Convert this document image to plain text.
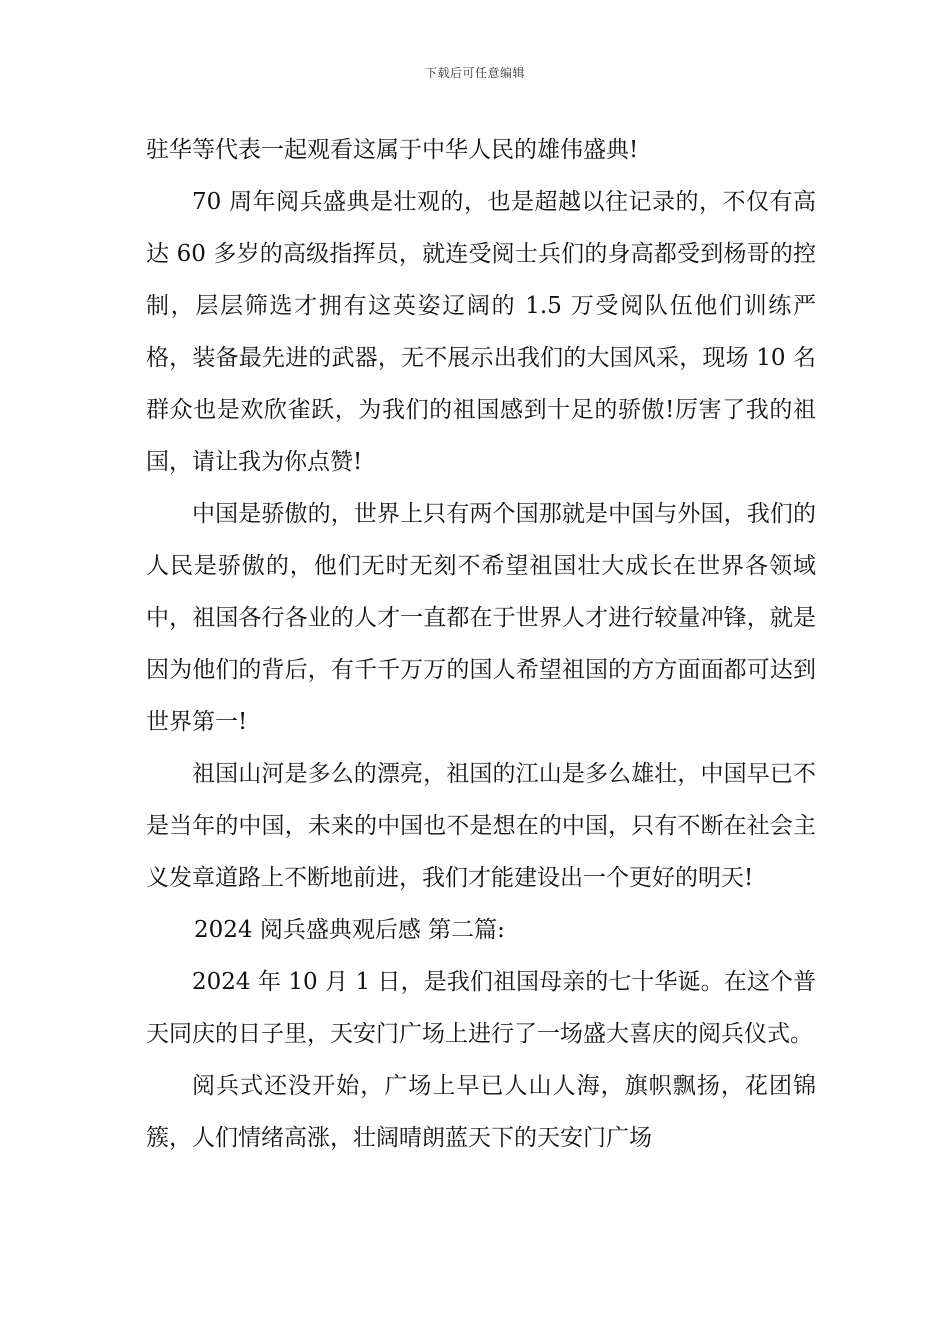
下载后可任意编辑

驻华等代表一起观看这属于中华人民的雄伟盛典!

70 周年阅兵盛典是壮观的，也是超越以往记录的，不仅有高达 60 多岁的高级指挥员，就连受阅士兵们的身高都受到杨哥的控制，层层筛选才拥有这英姿辽阔的 1.5 万受阅队伍他们训练严格，装备最先进的武器，无不展示出我们的大国风采，现场 10 名群众也是欢欣雀跃，为我们的祖国感到十足的骄傲!厉害了我的祖国，请让我为你点赞!

中国是骄傲的，世界上只有两个国那就是中国与外国，我们的人民是骄傲的，他们无时无刻不希望祖国壮大成长在世界各领域中，祖国各行各业的人才一直都在于世界人才进行较量冲锋，就是因为他们的背后，有千千万万的国人希望祖国的方方面面都可达到世界第一!

祖国山河是多么的漂亮，祖国的江山是多么雄壮，中国早已不是当年的中国，未来的中国也不是想在的中国，只有不断在社会主义发章道路上不断地前进，我们才能建设出一个更好的明天!

2024 阅兵盛典观后感 第二篇:

2024 年 10 月 1 日，是我们祖国母亲的七十华诞。在这个普天同庆的日子里，天安门广场上进行了一场盛大喜庆的阅兵仪式。

阅兵式还没开始，广场上早已人山人海，旗帜飘扬，花团锦簇，人们情绪高涨，壮阔晴朗蓝天下的天安门广场
